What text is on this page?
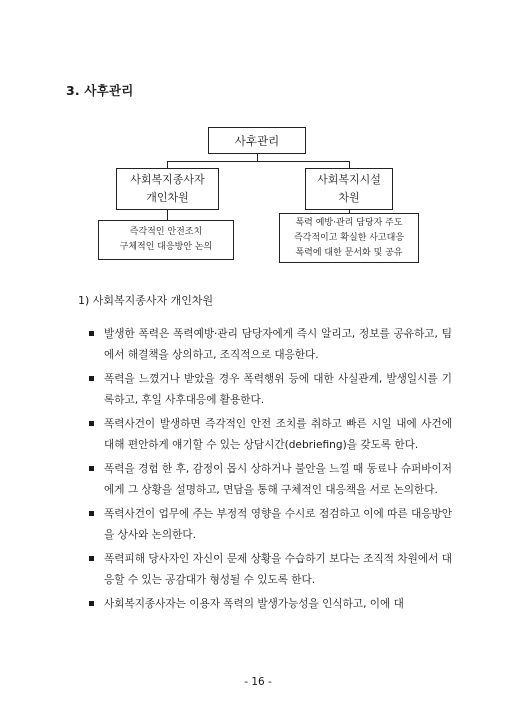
3. 사후관리
사후관리
사회복지종사자
개인차원
사회복지시설
차원
즉각적인 안전조치
구체적인 대응방안 논의
폭력 예방·관리 담당자 주도
즉각적이고 확실한 사고대응
폭력에 대한 문서화 및 공유
1) 사회복지종사자 개인차원
발생한 폭력은 폭력예방·관리 담당자에게 즉시 알리고, 정보를 공유하고, 팀에서 해결책을 상의하고, 조직적으로 대응한다.
폭력을 느꼈거나 받았을 경우 폭력행위 등에 대한 사실관계, 발생일시를 기록하고, 후일 사후대응에 활용한다.
폭력사건이 발생하면 즉각적인 안전 조치를 취하고 빠른 시일 내에 사건에 대해 편안하게 얘기할 수 있는 상담시간(debriefing)을 갖도록 한다.
폭력을 경험 한 후, 감정이 몹시 상하거나 불안을 느낄 때 동료나 슈퍼바이저에게 그 상황을 설명하고, 면담을 통해 구체적인 대응책을 서로 논의한다.
폭력사건이 업무에 주는 부정적 영향을 수시로 점검하고 이에 따른 대응방안을 상사와 논의한다.
폭력피해 당사자인 자신이 문제 상황을 수습하기 보다는 조직적 차원에서 대응할 수 있는 공감대가 형성될 수 있도록 한다.
사회복지종사자는 이용자 폭력의 발생가능성을 인식하고, 이에 대
- 16 -
